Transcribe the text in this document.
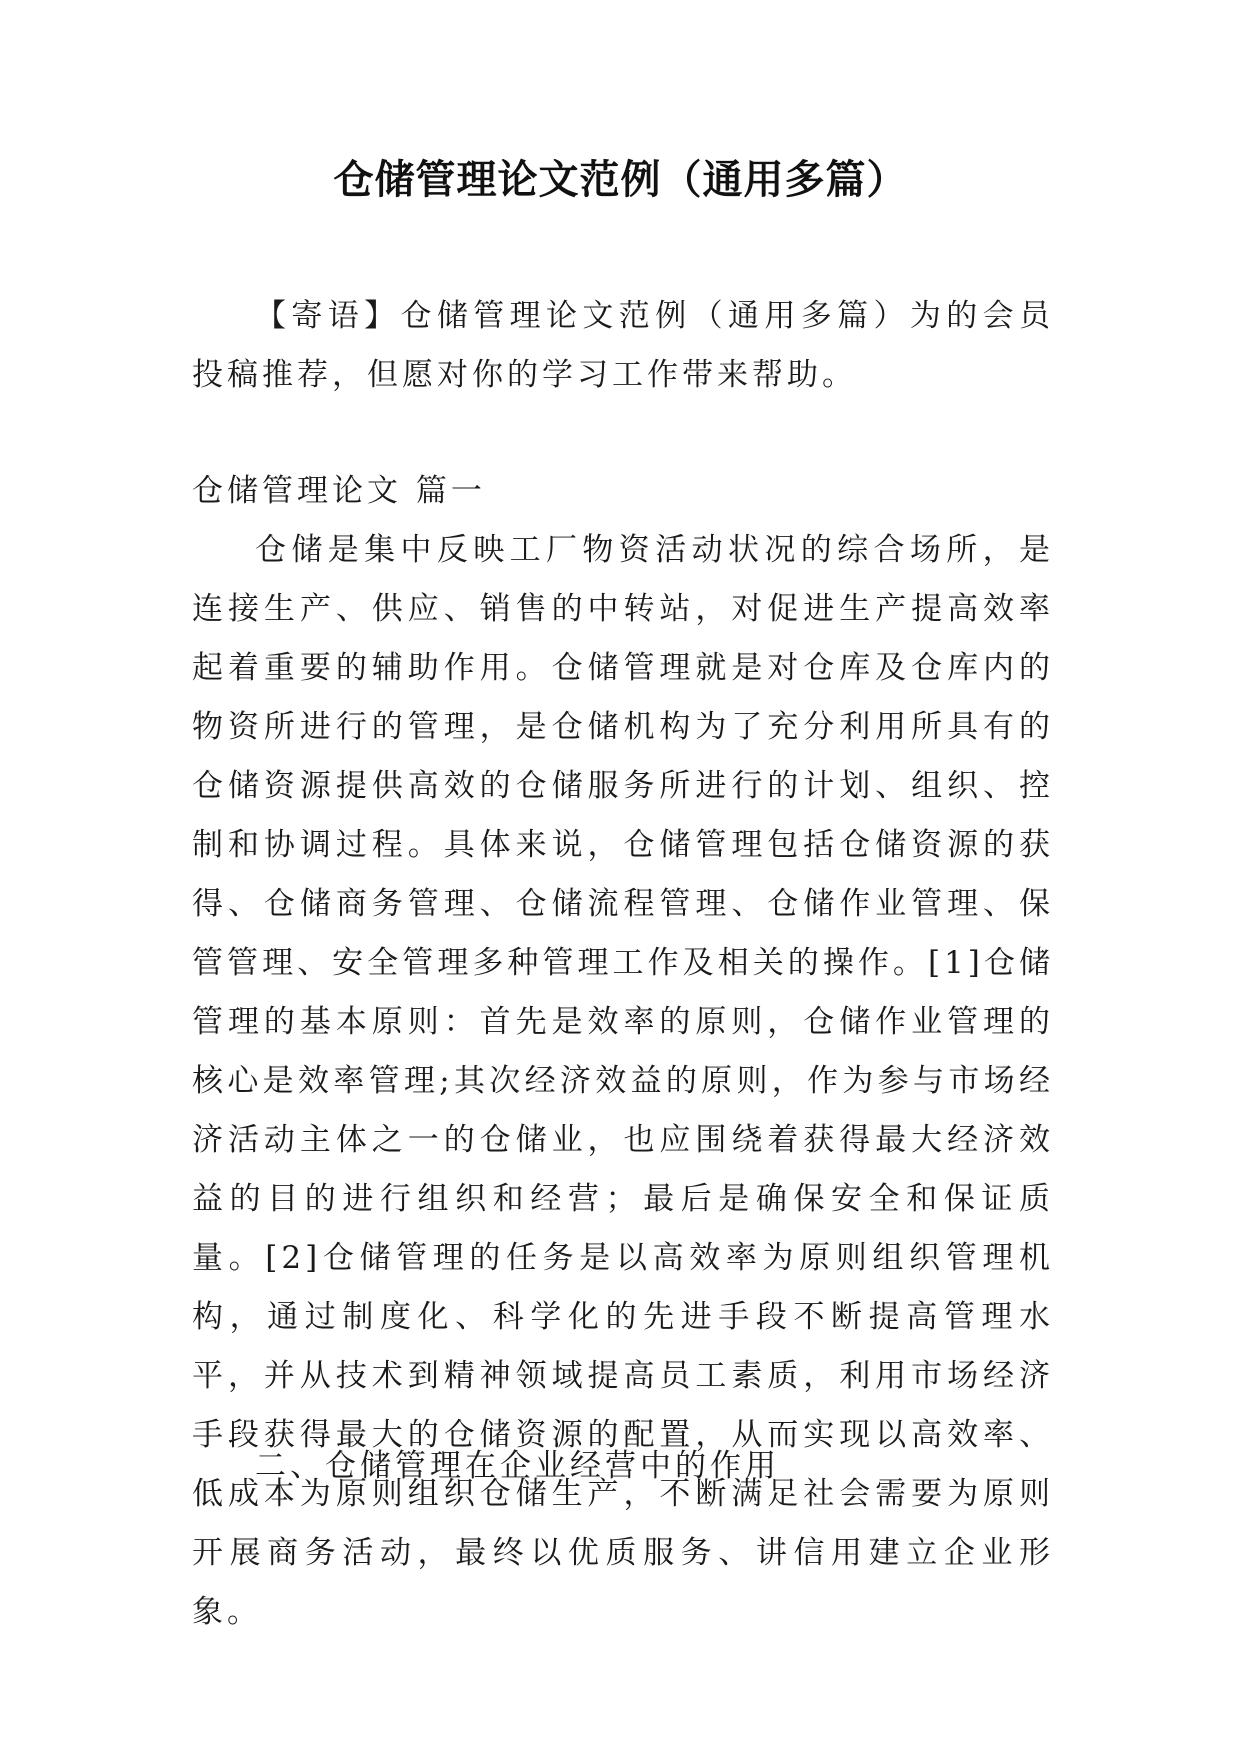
仓储管理论文范例（通用多篇）

【寄语】仓储管理论文范例（通用多篇）为的会员投稿推荐，但愿对你的学习工作带来帮助。

仓储管理论文 篇一

仓储是集中反映工厂物资活动状况的综合场所，是连接生产、供应、销售的中转站，对促进生产提高效率起着重要的辅助作用。仓储管理就是对仓库及仓库内的物资所进行的管理，是仓储机构为了充分利用所具有的仓储资源提供高效的仓储服务所进行的计划、组织、控制和协调过程。具体来说，仓储管理包括仓储资源的获得、仓储商务管理、仓储流程管理、仓储作业管理、保管管理、安全管理多种管理工作及相关的操作。[1]仓储管理的基本原则：首先是效率的原则，仓储作业管理的核心是效率管理;其次经济效益的原则，作为参与市场经济活动主体之一的仓储业，也应围绕着获得最大经济效益的目的进行组织和经营；最后是确保安全和保证质量。[2]仓储管理的任务是以高效率为原则组织管理机构，通过制度化、科学化的先进手段不断提高管理水平，并从技术到精神领域提高员工素质，利用市场经济手段获得最大的仓储资源的配置，从而实现以高效率、低成本为原则组织仓储生产，不断满足社会需要为原则开展商务活动，最终以优质服务、讲信用建立企业形象。

二、仓储管理在企业经营中的作用
